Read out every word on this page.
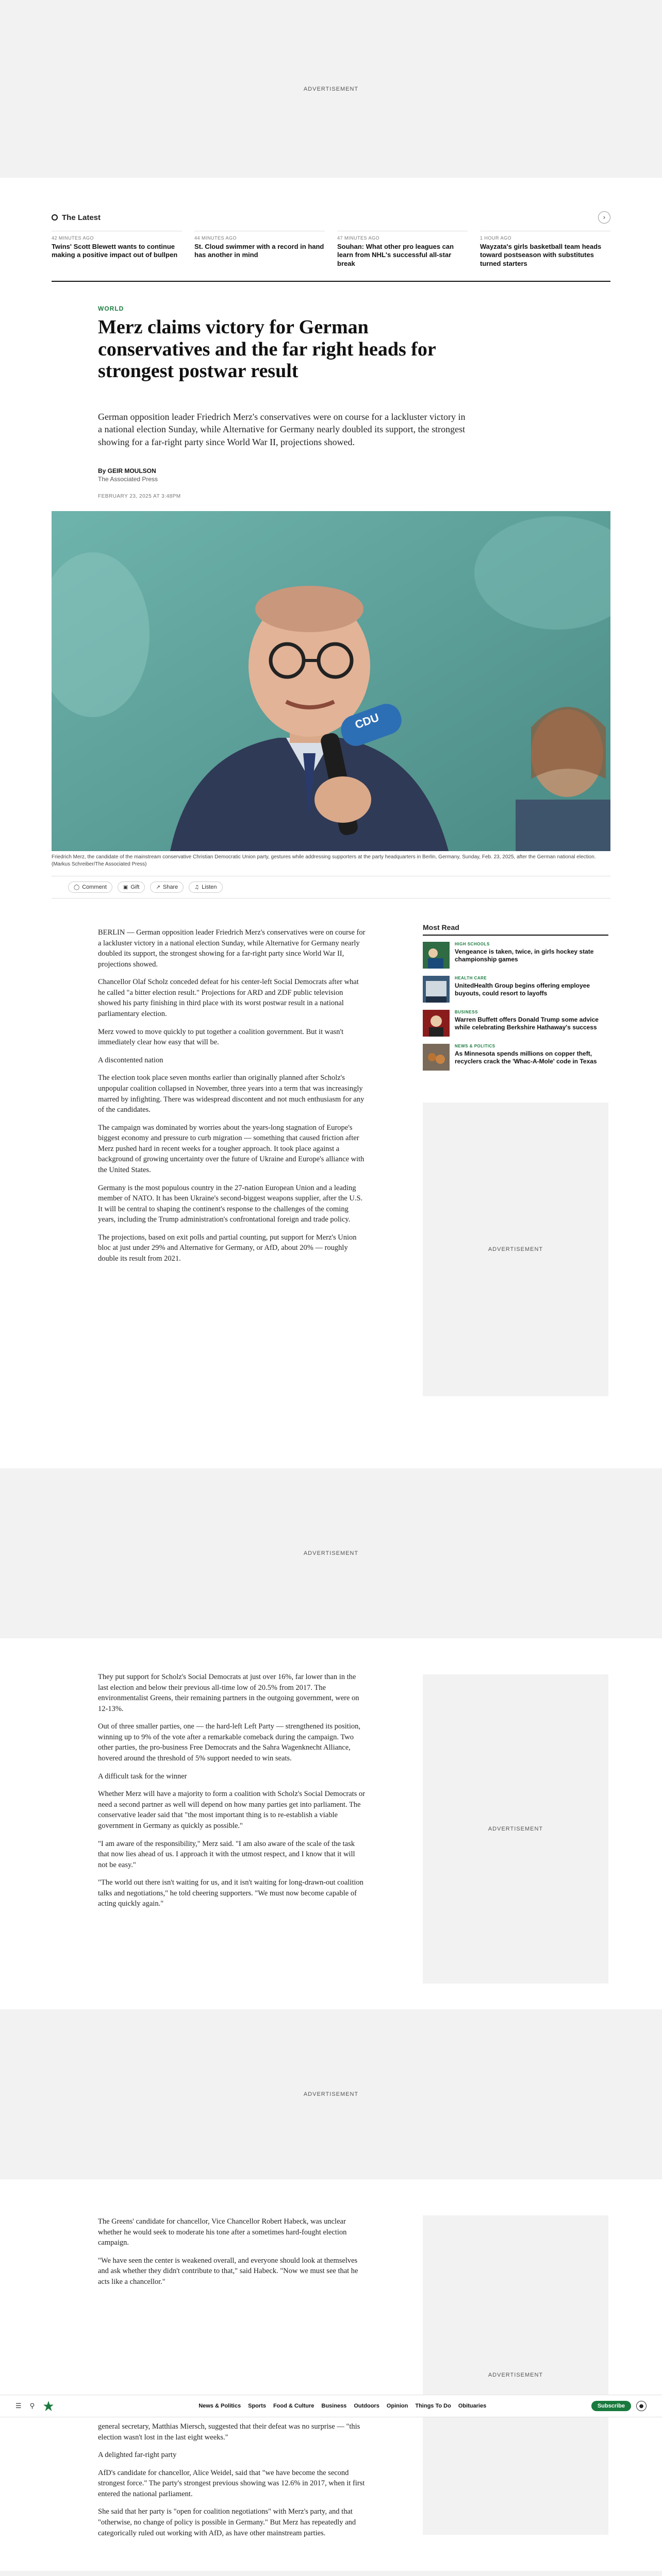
ADVERTISEMENT
The Latest	›
42 MINUTES AGO
Twins' Scott Blewett wants to continue making a positive impact out of bullpen
44 MINUTES AGO
St. Cloud swimmer with a record in hand has another in mind
47 MINUTES AGO
Souhan: What other pro leagues can learn from NHL's successful all-star break
1 HOUR AGO
Wayzata's girls basketball team heads toward postseason with substitutes turned starters
WORLD
Merz claims victory for German conservatives and the far right heads for strongest postwar result

German opposition leader Friedrich Merz's conservatives were on course for a lackluster victory in a national election Sunday, while Alternative for Germany nearly doubled its support, the strongest showing for a far-right party since World War II, projections showed.

By GEIR MOULSON
The Associated Press
FEBRUARY 23, 2025 AT 3:48PM
CDU
Friedrich Merz, the candidate of the mainstream conservative Christian Democratic Union party, gestures while addressing supporters at the party headquarters in Berlin, Germany, Sunday, Feb. 23, 2025, after the German national election. (Markus Schreiber/The Associated Press)
◯ Comment	▣ Gift	↗ Share	♫ Listen

BERLIN — German opposition leader Friedrich Merz's conservatives were on course for a lackluster victory in a national election Sunday, while Alternative for Germany nearly doubled its support, the strongest showing for a far-right party since World War II, projections showed.

Chancellor Olaf Scholz conceded defeat for his center-left Social Democrats after what he called "a bitter election result." Projections for ARD and ZDF public television showed his party finishing in third place with its worst postwar result in a national parliamentary election.

Merz vowed to move quickly to put together a coalition government. But it wasn't immediately clear how easy that will be.

A discontented nation

The election took place seven months earlier than originally planned after Scholz's unpopular coalition collapsed in November, three years into a term that was increasingly marred by infighting. There was widespread discontent and not much enthusiasm for any of the candidates.

The campaign was dominated by worries about the years-long stagnation of Europe's biggest economy and pressure to curb migration — something that caused friction after Merz pushed hard in recent weeks for a tougher approach. It took place against a background of growing uncertainty over the future of Ukraine and Europe's alliance with the United States.

Germany is the most populous country in the 27-nation European Union and a leading member of NATO. It has been Ukraine's second-biggest weapons supplier, after the U.S. It will be central to shaping the continent's response to the challenges of the coming years, including the Trump administration's confrontational foreign and trade policy.

The projections, based on exit polls and partial counting, put support for Merz's Union bloc at just under 29% and Alternative for Germany, or AfD, about 20% — roughly double its result from 2021.

Most Read
HIGH SCHOOLS
Vengeance is taken, twice, in girls hockey state championship games
HEALTH CARE
UnitedHealth Group begins offering employee buyouts, could resort to layoffs
BUSINESS
Warren Buffett offers Donald Trump some advice while celebrating Berkshire Hathaway's success
NEWS & POLITICS
As Minnesota spends millions on copper theft, recyclers crack the 'Whac-A-Mole' code in Texas
ADVERTISEMENT
ADVERTISEMENT

They put support for Scholz's Social Democrats at just over 16%, far lower than in the last election and below their previous all-time low of 20.5% from 2017. The environmentalist Greens, their remaining partners in the outgoing government, were on 12-13%.

Out of three smaller parties, one — the hard-left Left Party — strengthened its position, winning up to 9% of the vote after a remarkable comeback during the campaign. Two other parties, the pro-business Free Democrats and the Sahra Wagenknecht Alliance, hovered around the threshold of 5% support needed to win seats.

A difficult task for the winner

Whether Merz will have a majority to form a coalition with Scholz's Social Democrats or need a second partner as well will depend on how many parties get into parliament. The conservative leader said that "the most important thing is to re-establish a viable government in Germany as quickly as possible."

"I am aware of the responsibility," Merz said. "I am also aware of the scale of the task that now lies ahead of us. I approach it with the utmost respect, and I know that it will not be easy."

"The world out there isn't waiting for us, and it isn't waiting for long-drawn-out coalition talks and negotiations," he told cheering supporters. "We must now become capable of acting quickly again."

ADVERTISEMENT
ADVERTISEMENT

The Greens' candidate for chancellor, Vice Chancellor Robert Habeck, was unclear whether he would seek to moderate his tone after a sometimes hard-fought election campaign.

"We have seen the center is weakened overall, and everyone should look at themselves and ask whether they didn't contribute to that," said Habeck. "Now we must see that he acts like a chancellor."

☰ ⚲	News & Politics Sports Food & Culture Business Outdoors Opinion Things To Do Obituaries	Subscribe	●

general secretary, Matthias Miersch, suggested that their defeat was no surprise — "this election wasn't lost in the last eight weeks."

A delighted far-right party

AfD's candidate for chancellor, Alice Weidel, said that "we have become the second strongest force." The party's strongest previous showing was 12.6% in 2017, when it first entered the national parliament.

She said that her party is "open for coalition negotiations" with Merz's party, and that "otherwise, no change of policy is possible in Germany." But Merz has repeatedly and categorically ruled out working with AfD, as have other mainstream parties.

ADVERTISEMENT
